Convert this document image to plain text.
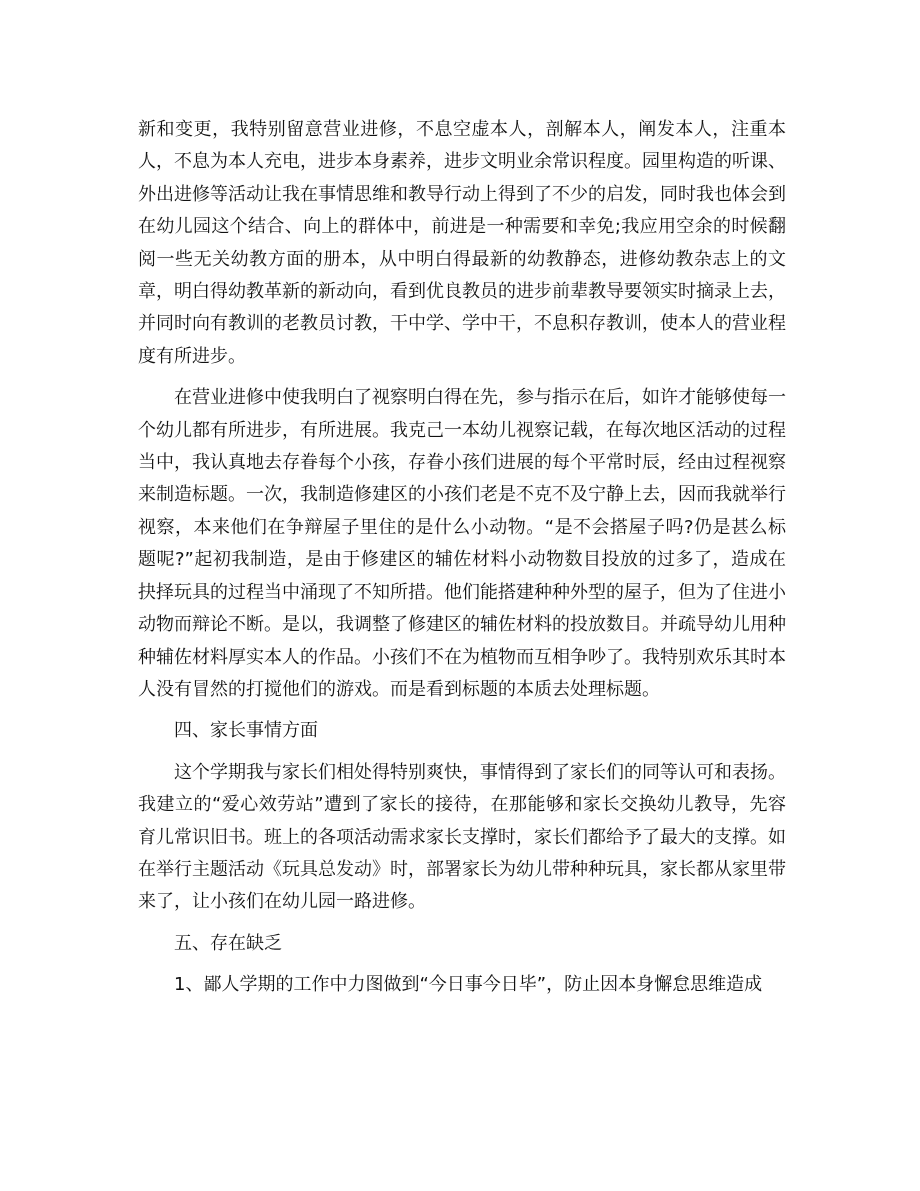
新和变更，我特别留意营业进修，不息空虚本人，剖解本人，阐发本人，注重本人，不息为本人充电，进步本身素养，进步文明业余常识程度。园里构造的听课、外出进修等活动让我在事情思维和教导行动上得到了不少的启发，同时我也体会到在幼儿园这个结合、向上的群体中，前进是一种需要和幸免;我应用空余的时候翻阅一些无关幼教方面的册本，从中明白得最新的幼教静态，进修幼教杂志上的文章，明白得幼教革新的新动向，看到优良教员的进步前辈教导要领实时摘录上去，并同时向有教训的老教员讨教，干中学、学中干，不息积存教训，使本人的营业程度有所进步。

在营业进修中使我明白了视察明白得在先，参与指示在后，如许才能够使每一个幼儿都有所进步，有所进展。我克己一本幼儿视察记载，在每次地区活动的过程当中，我认真地去存眷每个小孩，存眷小孩们进展的每个平常时辰，经由过程视察来制造标题。一次，我制造修建区的小孩们老是不克不及宁静上去，因而我就举行视察，本来他们在争辩屋子里住的是什么小动物。“是不会搭屋子吗?仍是甚么标题呢?”起初我制造，是由于修建区的辅佐材料小动物数目投放的过多了，造成在抉择玩具的过程当中涌现了不知所措。他们能搭建种种外型的屋子，但为了住进小动物而辩论不断。是以，我调整了修建区的辅佐材料的投放数目。并疏导幼儿用种种辅佐材料厚实本人的作品。小孩们不在为植物而互相争吵了。我特别欢乐其时本人没有冒然的打搅他们的游戏。而是看到标题的本质去处理标题。

四、家长事情方面

这个学期我与家长们相处得特别爽快，事情得到了家长们的同等认可和表扬。我建立的“爱心效劳站”遭到了家长的接待，在那能够和家长交换幼儿教导，先容育儿常识旧书。班上的各项活动需求家长支撑时，家长们都给予了最大的支撑。如在举行主题活动《玩具总发动》时，部署家长为幼儿带种种玩具，家长都从家里带来了，让小孩们在幼儿园一路进修。

五、存在缺乏

1、鄙人学期的工作中力图做到“今日事今日毕”，防止因本身懈怠思维造成
